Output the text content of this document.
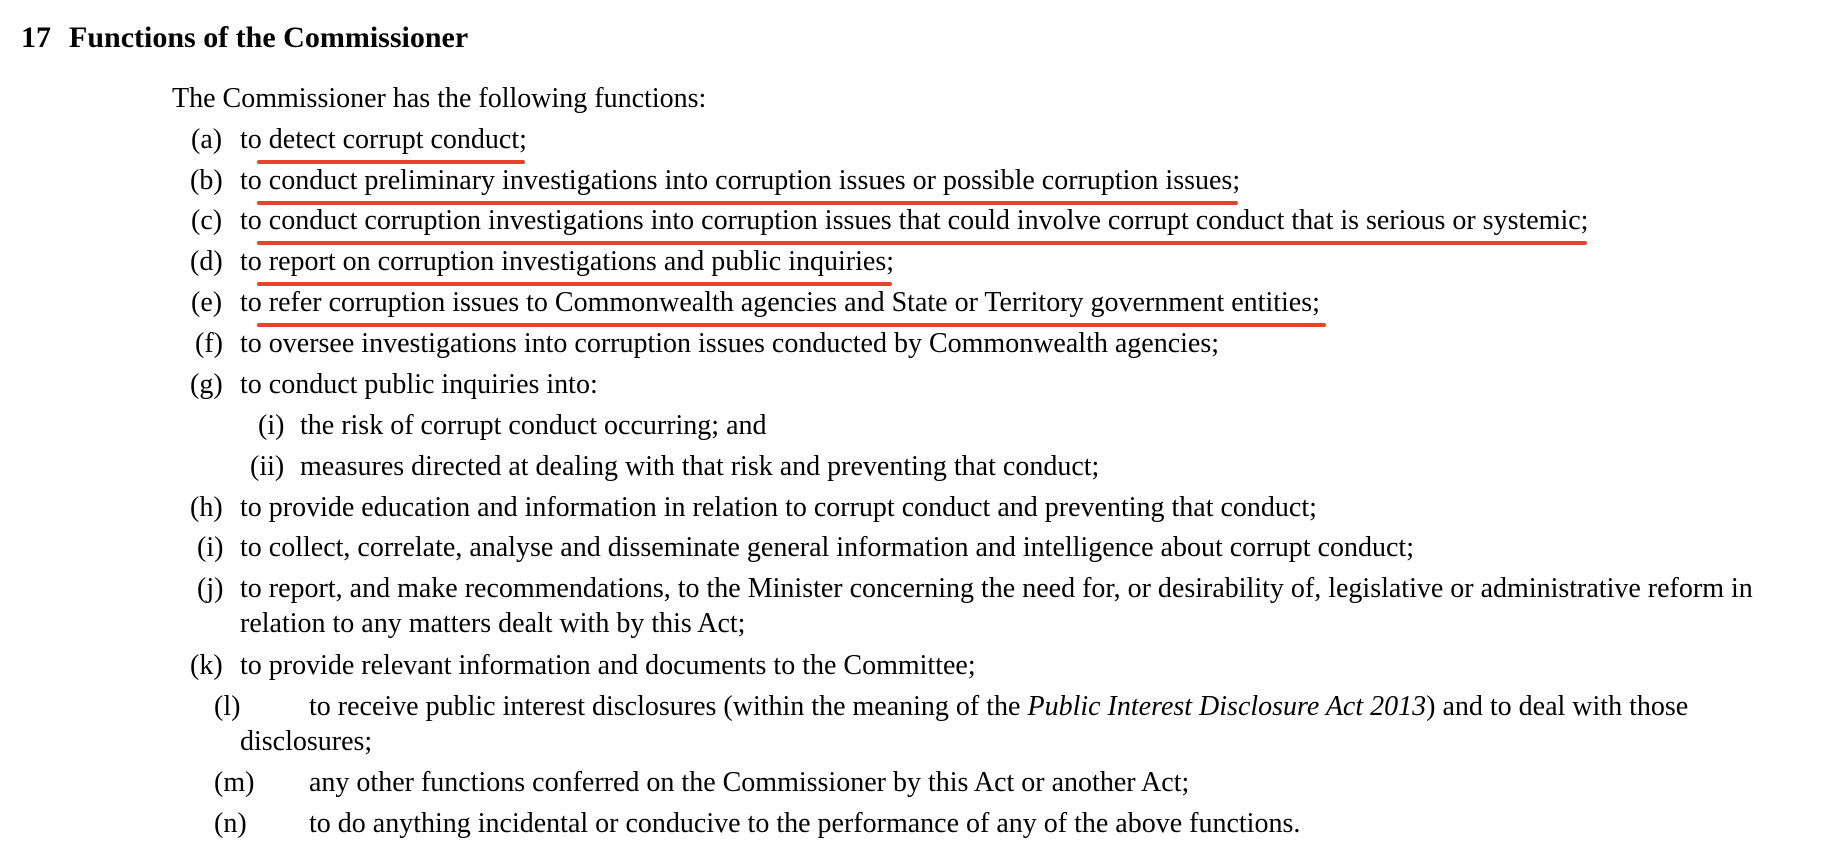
17 Functions of the Commissioner
The Commissioner has the following functions:
(a) to detect corrupt conduct;
(b) to conduct preliminary investigations into corruption issues or possible corruption issues;
(c) to conduct corruption investigations into corruption issues that could involve corrupt conduct that is serious or systemic;
(d) to report on corruption investigations and public inquiries;
(e) to refer corruption issues to Commonwealth agencies and State or Territory government entities;
(f) to oversee investigations into corruption issues conducted by Commonwealth agencies;
(g) to conduct public inquiries into:
(i) the risk of corrupt conduct occurring; and
(ii) measures directed at dealing with that risk and preventing that conduct;
(h) to provide education and information in relation to corrupt conduct and preventing that conduct;
(i) to collect, correlate, analyse and disseminate general information and intelligence about corrupt conduct;
(j) to report, and make recommendations, to the Minister concerning the need for, or desirability of, legislative or administrative reform in
relation to any matters dealt with by this Act;
(k) to provide relevant information and documents to the Committee;
(l) to receive public interest disclosures (within the meaning of the Public Interest Disclosure Act 2013) and to deal with those
disclosures;
(m) any other functions conferred on the Commissioner by this Act or another Act;
(n) to do anything incidental or conducive to the performance of any of the above functions.
